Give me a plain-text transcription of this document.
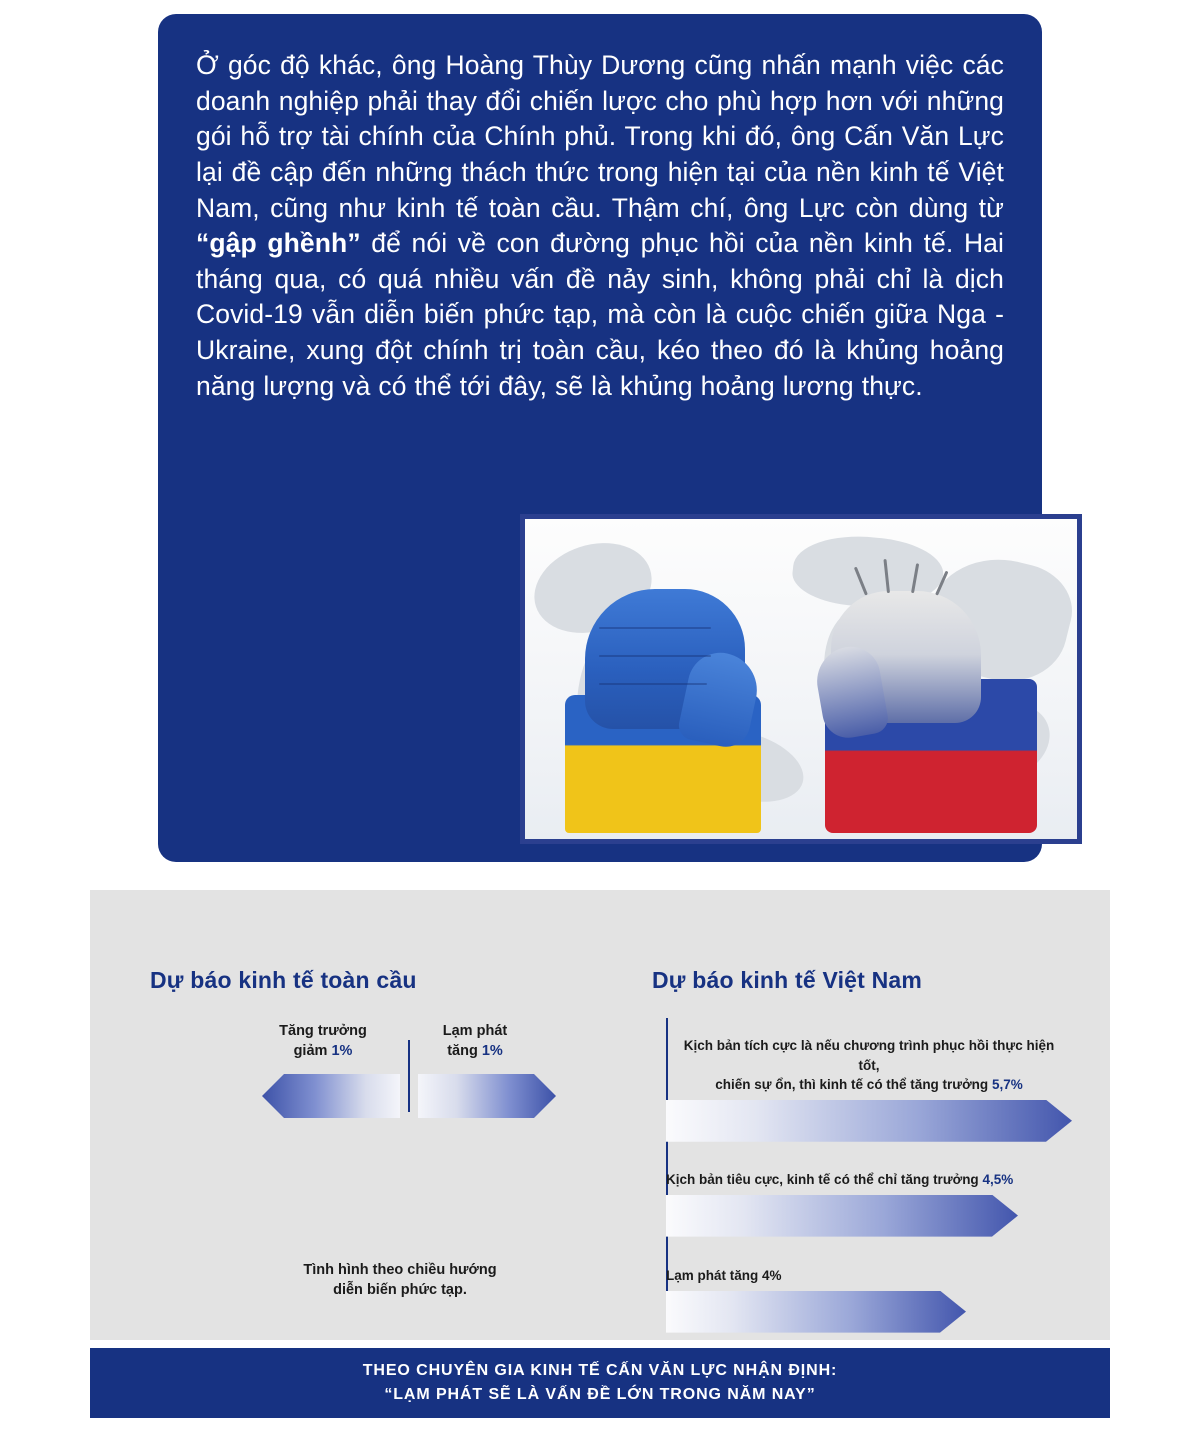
Ở góc độ khác, ông Hoàng Thùy Dương cũng nhấn mạnh việc các doanh nghiệp phải thay đổi chiến lược cho phù hợp hơn với những gói hỗ trợ tài chính của Chính phủ. Trong khi đó, ông Cấn Văn Lực lại đề cập đến những thách thức trong hiện tại của nền kinh tế Việt Nam, cũng như kinh tế toàn cầu. Thậm chí, ông Lực còn dùng từ “gập ghềnh” để nói về con đường phục hồi của nền kinh tế. Hai tháng qua, có quá nhiều vấn đề nảy sinh, không phải chỉ là dịch Covid-19 vẫn diễn biến phức tạp, mà còn là cuộc chiến giữa Nga - Ukraine, xung đột chính trị toàn cầu, kéo theo đó là khủng hoảng năng lượng và có thể tới đây, sẽ là khủng hoảng lương thực.
Dự báo kinh tế toàn cầu	Dự báo kinh tế Việt Nam
Tăng trưởng
giảm 1%
Lạm phát
tăng 1%
Tình hình theo chiều hướng
diễn biến phức tạp.
Kịch bản tích cực là nếu chương trình phục hồi thực hiện tốt,
chiến sự ổn, thì kinh tế có thể tăng trưởng 5,7%
Kịch bản tiêu cực, kinh tế có thể chỉ tăng trưởng 4,5%
Lạm phát tăng 4%
THEO CHUYÊN GIA KINH TẾ CẤN VĂN LỰC NHẬN ĐỊNH:
“LẠM PHÁT SẼ LÀ VẤN ĐỀ LỚN TRONG NĂM NAY”
